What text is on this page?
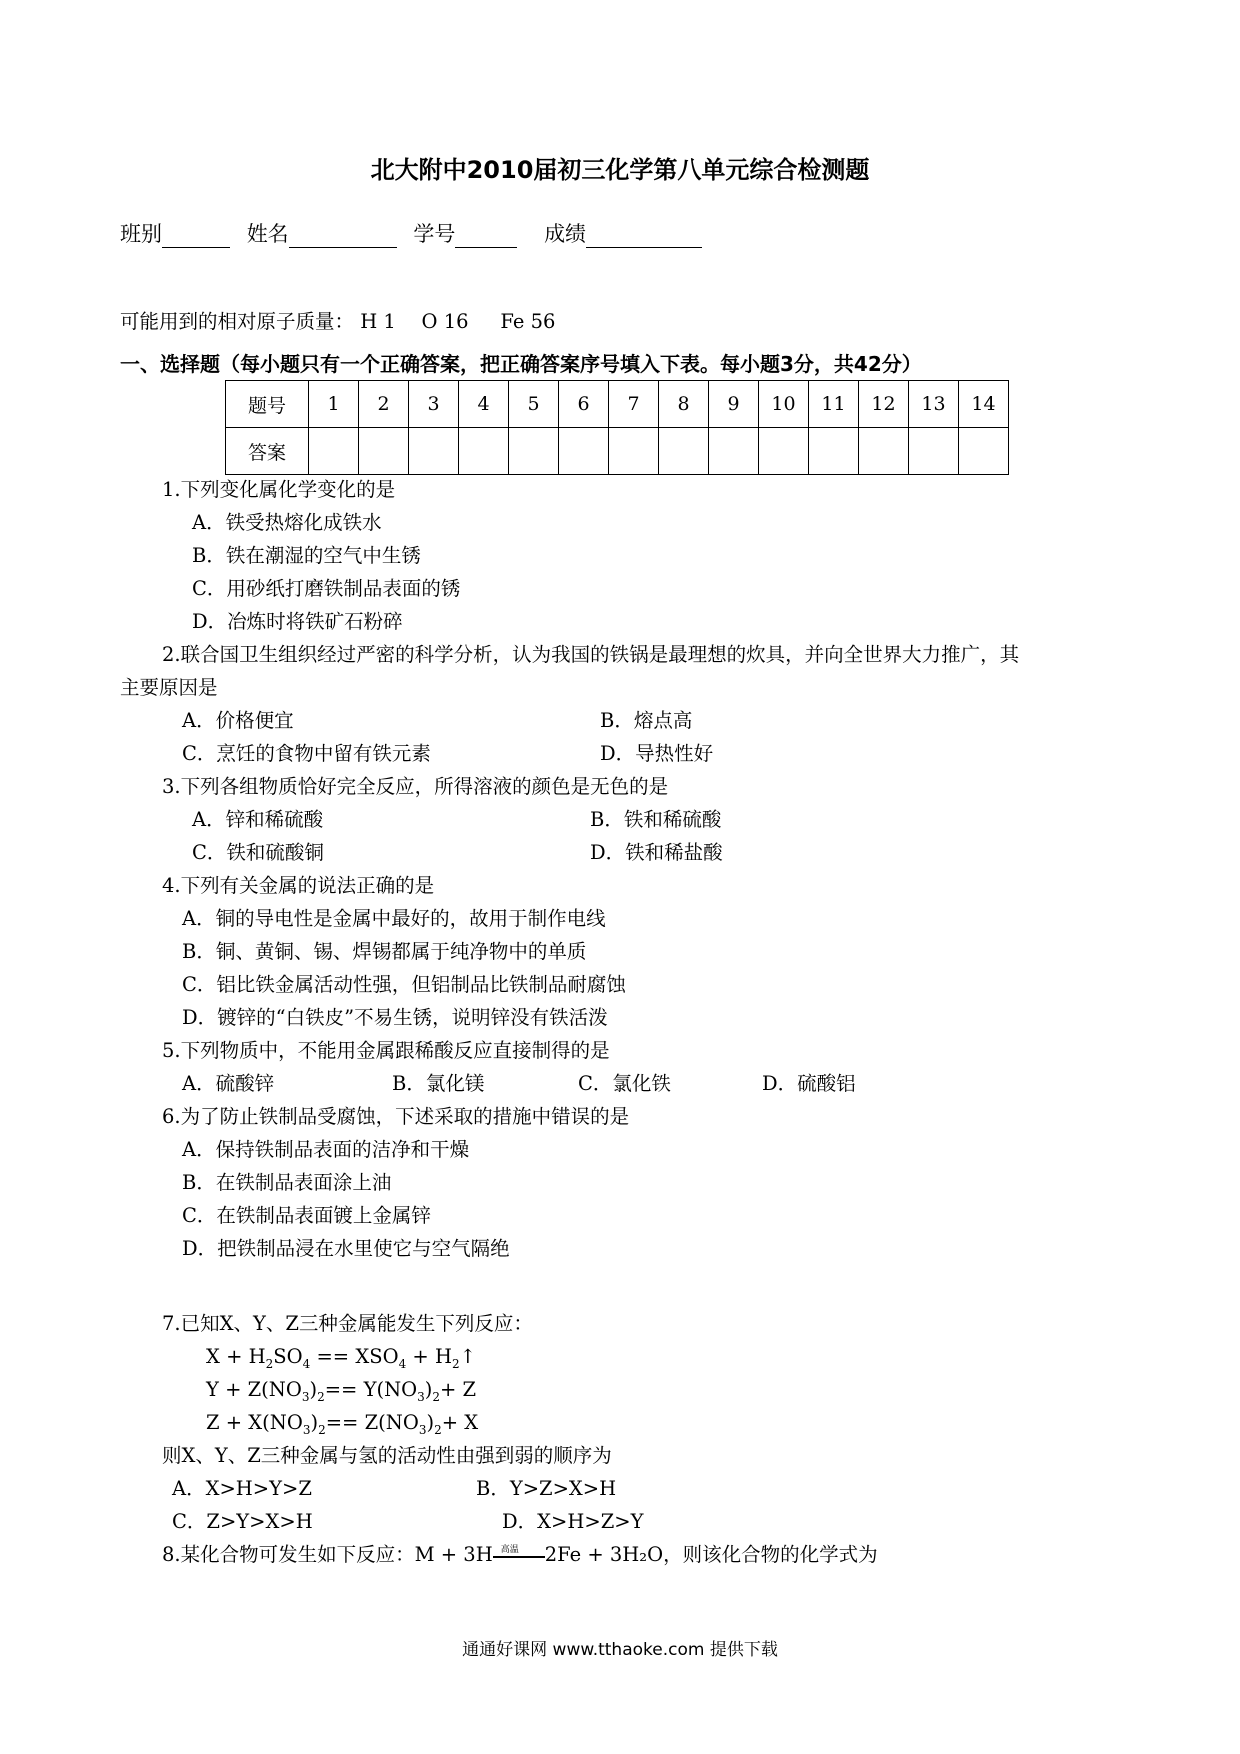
北大附中2010届初三化学第八单元综合检测题
班别	姓名	学号	成绩
可能用到的相对原子质量： H 1　 O 16 　 Fe 56
一、选择题（每小题只有一个正确答案，把正确答案序号填入下表。每小题3分，共42分）
题号	1	2	3	4	5	6	7	8	9	10	11	12	13	14
答案														
1.下列变化属化学变化的是
A．铁受热熔化成铁水
B．铁在潮湿的空气中生锈
C．用砂纸打磨铁制品表面的锈
D．冶炼时将铁矿石粉碎
2.联合国卫生组织经过严密的科学分析，认为我国的铁锅是最理想的炊具，并向全世界大力推广，其
主要原因是
A．价格便宜	B．熔点高
C．烹饪的食物中留有铁元素	D．导热性好
3.下列各组物质恰好完全反应，所得溶液的颜色是无色的是
A．锌和稀硫酸	B．铁和稀硫酸
C．铁和硫酸铜	D．铁和稀盐酸
4.下列有关金属的说法正确的是
A．铜的导电性是金属中最好的，故用于制作电线
B．铜、黄铜、锡、焊锡都属于纯净物中的单质
C．铝比铁金属活动性强，但铝制品比铁制品耐腐蚀
D．镀锌的“白铁皮”不易生锈，说明锌没有铁活泼
5.下列物质中，不能用金属跟稀酸反应直接制得的是
A．硫酸锌	B．氯化镁	C．氯化铁	D．硫酸铝
6.为了防止铁制品受腐蚀，下述采取的措施中错误的是
A．保持铁制品表面的洁净和干燥
B．在铁制品表面涂上油
C．在铁制品表面镀上金属锌
D．把铁制品浸在水里使它与空气隔绝
7.已知X、Y、Z三种金属能发生下列反应：
$X + H_2SO_4 == XSO_4$ + $H_2↑$
$Y + Z(NO_3)_2== Y(NO_3)_2+ Z$
$Z + X(NO_3)_2== Z(NO_3)_2+ X$
则X、Y、Z三种金属与氢的活动性由强到弱的顺序为
A．X>H>Y>Z	B．Y>Z>X>H
C．Z>Y>X>H	D．X>H>Z>Y
8.某化合物可发生如下反应：M + 3H 高温 2Fe + 3H₂O，则该化合物的化学式为
通通好课网 www.tthaoke.com 提供下载
